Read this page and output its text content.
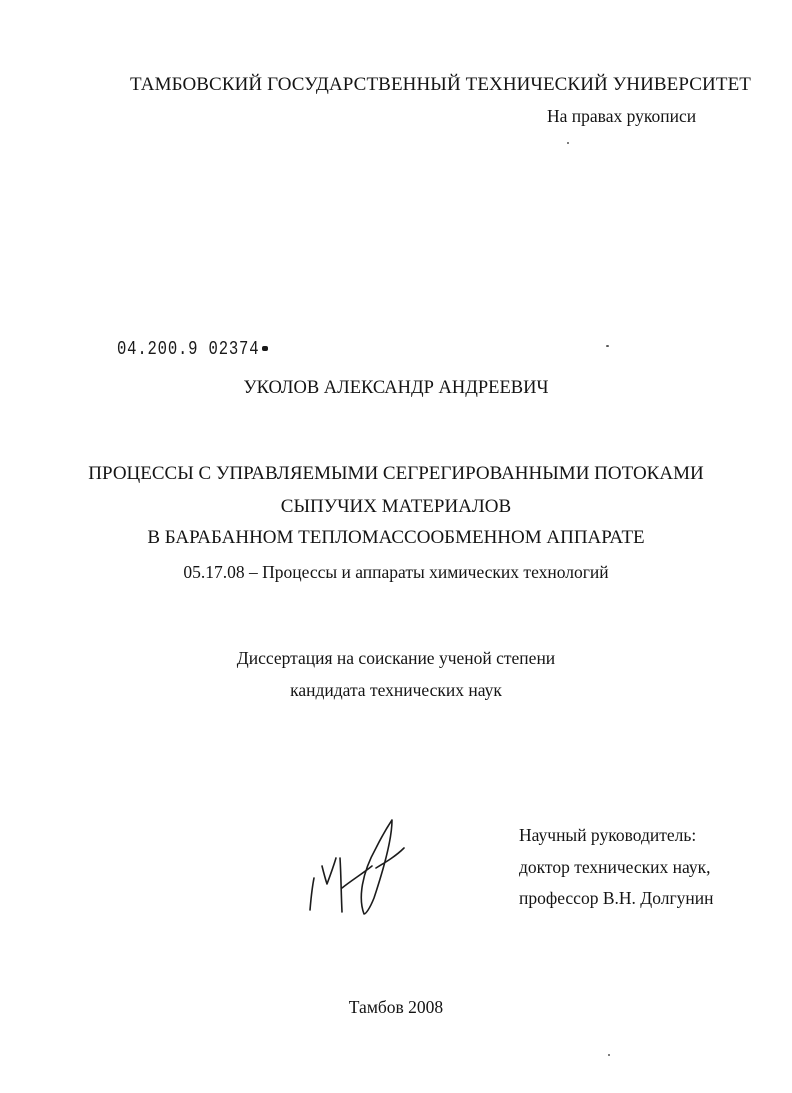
ТАМБОВСКИЙ ГОСУДАРСТВЕННЫЙ ТЕХНИЧЕСКИЙ УНИВЕРСИТЕТ
На правах рукописи
04.200.9 02374
УКОЛОВ АЛЕКСАНДР АНДРЕЕВИЧ
ПРОЦЕССЫ С УПРАВЛЯЕМЫМИ СЕГРЕГИРОВАННЫМИ ПОТОКАМИ
СЫПУЧИХ МАТЕРИАЛОВ
В БАРАБАННОМ ТЕПЛОМАССООБМЕННОМ АППАРАТЕ
05.17.08 – Процессы и аппараты химических технологий
Диссертация на соискание ученой степени
кандидата технических наук
Научный руководитель:
доктор технических наук,
профессор В.Н. Долгунин
Тамбов 2008
